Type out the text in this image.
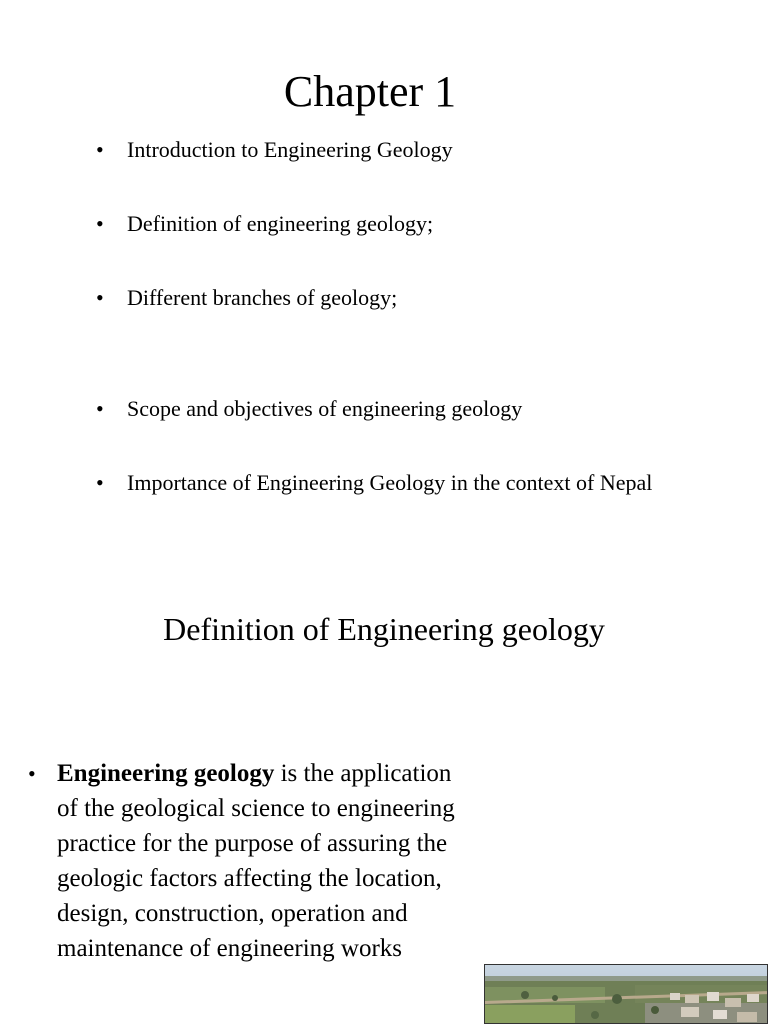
Chapter 1
• Introduction to Engineering Geology
• Definition of engineering geology;
• Different branches of geology;
• Scope and objectives of engineering geology
• Importance of Engineering Geology in the context of Nepal
Definition of Engineering geology
• Engineering geology is the application of the geological science to engineering practice for the purpose of assuring the geologic factors affecting the location, design, construction, operation and maintenance of engineering works
